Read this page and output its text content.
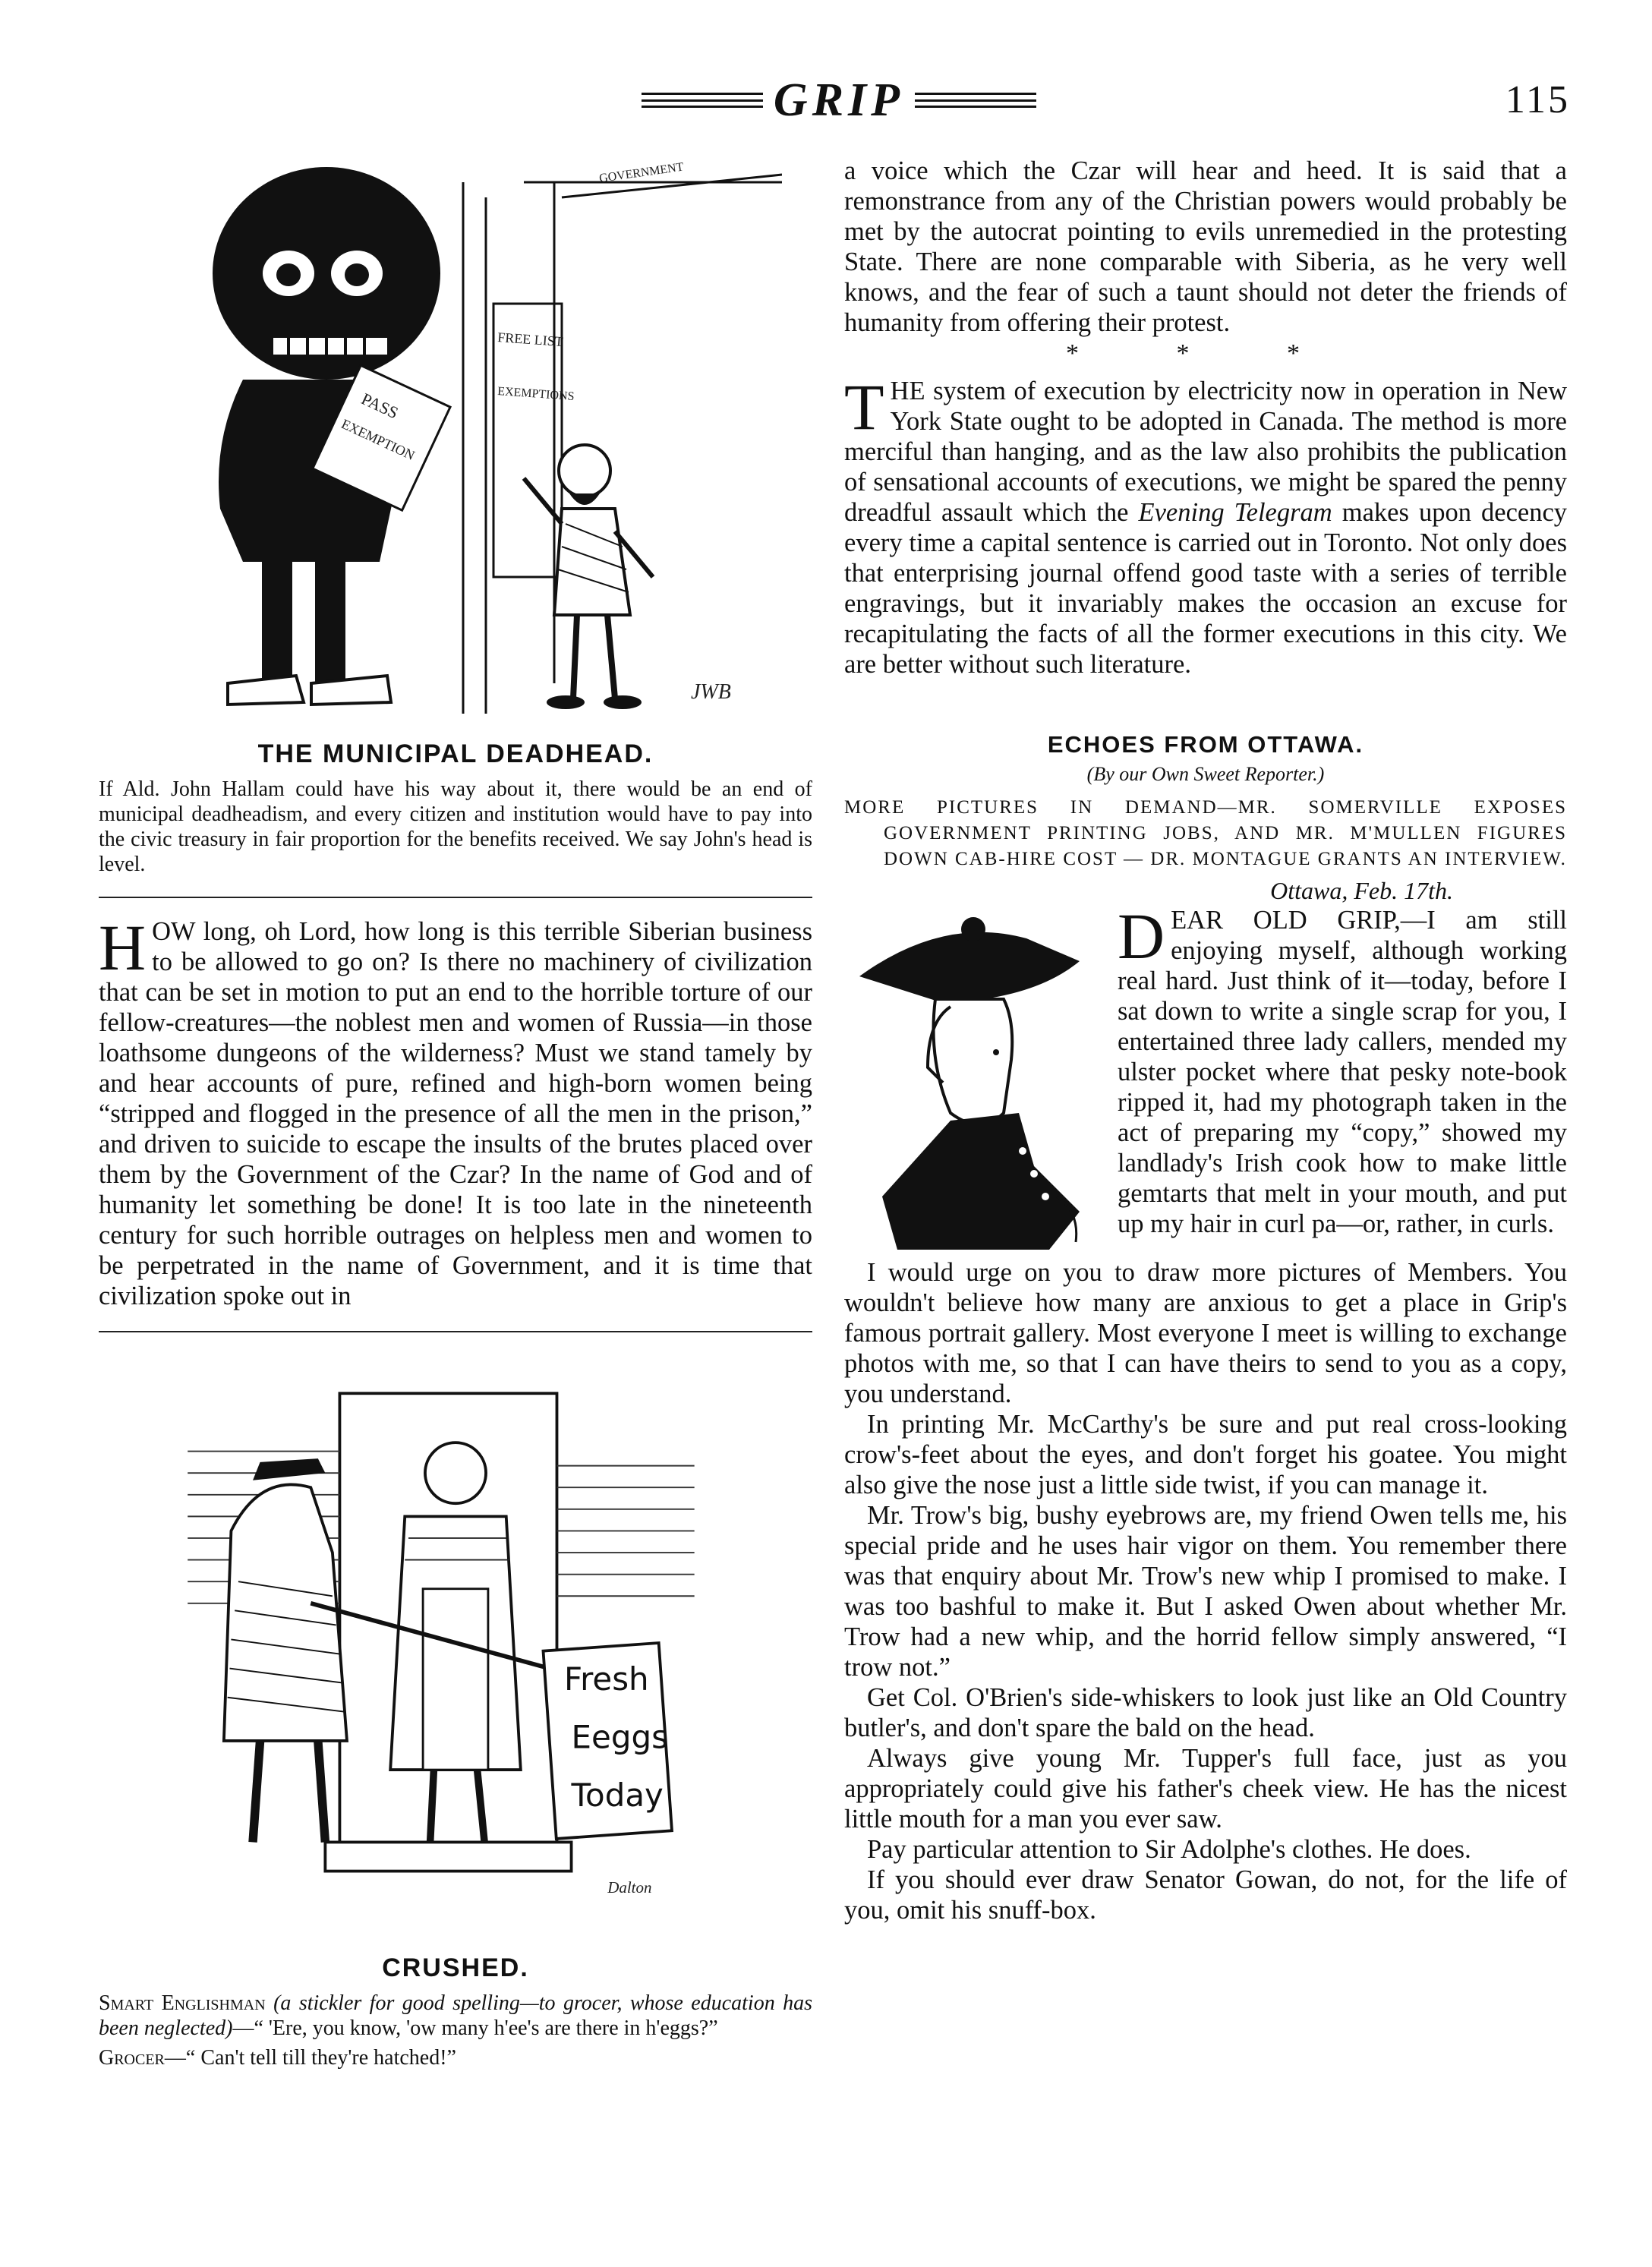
GRIP	115
GOVERNMENT
FREE LIST
EXEMPTIONS
PASS
EXEMPTION
JWB
THE MUNICIPAL DEADHEAD.
If Ald. John Hallam could have his way about it, there would be an end of municipal deadheadism, and every citizen and institution would have to pay into the civic treasury in fair proportion for the benefits received. We say John's head is level.
H OW long, oh Lord, how long is this terrible Siberian business to be allowed to go on? Is there no machinery of civilization that can be set in motion to put an end to the horrible torture of our fellow-creatures—the noblest men and women of Russia—in those loathsome dungeons of the wilderness? Must we stand tamely by and hear accounts of pure, refined and high-born women being “stripped and flogged in the presence of all the men in the prison,” and driven to suicide to escape the insults of the brutes placed over them by the Government of the Czar? In the name of God and of humanity let something be done! It is too late in the nineteenth century for such horrible outrages on helpless men and women to be perpetrated in the name of Government, and it is time that civilization spoke out in
Fresh
Eeggs
Today
Dalton
CRUSHED.
Smart Englishman (a stickler for good spelling—to grocer, whose education has been neglected)—“ 'Ere, you know, 'ow many h'ee's are there in h'eggs?”
Grocer—“ Can't tell till they're hatched!”
a voice which the Czar will hear and heed. It is said that a remonstrance from any of the Christian powers would probably be met by the autocrat pointing to evils unremedied in the protesting State. There are none comparable with Siberia, as he very well knows, and the fear of such a taunt should not deter the friends of humanity from offering their protest.
* * *
T HE system of execution by electricity now in operation in New York State ought to be adopted in Canada. The method is more merciful than hanging, and as the law also prohibits the publication of sensational accounts of executions, we might be spared the penny dreadful assault which the Evening Telegram makes upon decency every time a capital sentence is carried out in Toronto. Not only does that enterprising journal offend good taste with a series of terrible engravings, but it invariably makes the occasion an excuse for recapitulating the facts of all the former executions in this city. We are better without such literature.
ECHOES FROM OTTAWA.
(By our Own Sweet Reporter.)
MORE PICTURES IN DEMAND—MR. SOMERVILLE EXPOSES GOVERNMENT PRINTING JOBS, AND MR. M'MULLEN FIGURES DOWN CAB-HIRE COST — DR. MONTAGUE GRANTS AN INTERVIEW.
Ottawa, Feb. 17th.
D EAR OLD GRIP,—I am still enjoying myself, although working real hard. Just think of it—today, before I sat down to write a single scrap for you, I entertained three lady callers, mended my ulster pocket where that pesky note-book ripped it, had my photograph taken in the act of preparing my “copy,” showed my landlady's Irish cook how to make little gemtarts that melt in your mouth, and put up my hair in curl pa—or, rather, in curls.

I would urge on you to draw more pictures of Members. You wouldn't believe how many are anxious to get a place in Grip's famous portrait gallery. Most everyone I meet is willing to exchange photos with me, so that I can have theirs to send to you as a copy, you understand.

In printing Mr. McCarthy's be sure and put real cross-looking crow's-feet about the eyes, and don't forget his goatee. You might also give the nose just a little side twist, if you can manage it.

Mr. Trow's big, bushy eyebrows are, my friend Owen tells me, his special pride and he uses hair vigor on them. You remember there was that enquiry about Mr. Trow's new whip I promised to make. I was too bashful to make it. But I asked Owen about whether Mr. Trow had a new whip, and the horrid fellow simply answered, “I trow not.”

Get Col. O'Brien's side-whiskers to look just like an Old Country butler's, and don't spare the bald on the head.

Always give young Mr. Tupper's full face, just as you appropriately could give his father's cheek view. He has the nicest little mouth for a man you ever saw.

Pay particular attention to Sir Adolphe's clothes. He does.

If you should ever draw Senator Gowan, do not, for the life of you, omit his snuff-box.
